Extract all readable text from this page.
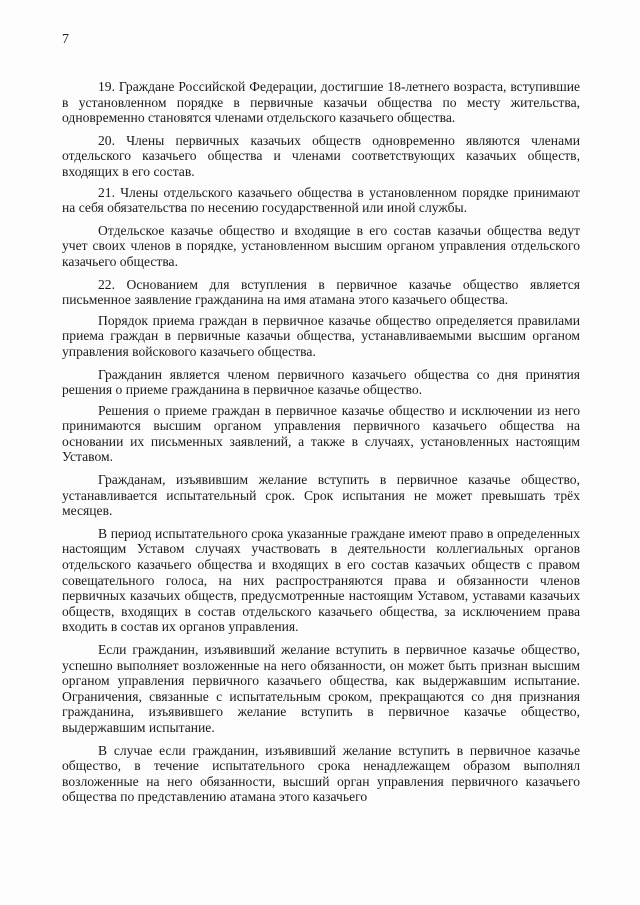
7

19. Граждане Российской Федерации, достигшие 18-летнего возраста, вступившие в установленном порядке в первичные казачьи общества по месту жительства, одновременно становятся членами отдельского казачьего общества.

20. Члены первичных казачьих обществ одновременно являются членами отдельского казачьего общества и членами соответствующих казачьих обществ, входящих в его состав.

21. Члены отдельского казачьего общества в установленном порядке принимают на себя обязательства по несению государственной или иной службы.

Отдельское казачье общество и входящие в его состав казачьи общества ведут учет своих членов в порядке, установленном высшим органом управления отдельского казачьего общества.

22. Основанием для вступления в первичное казачье общество является письменное заявление гражданина на имя атамана этого казачьего общества.

Порядок приема граждан в первичное казачье общество определяется правилами приема граждан в первичные казачьи общества, устанавливаемыми высшим органом управления войскового казачьего общества.

Гражданин является членом первичного казачьего общества со дня принятия решения о приеме гражданина в первичное казачье общество.

Решения о приеме граждан в первичное казачье общество и исключении из него принимаются высшим органом управления первичного казачьего общества на основании их письменных заявлений, а также в случаях, установленных настоящим Уставом.

Гражданам, изъявившим желание вступить в первичное казачье общество, устанавливается испытательный срок. Срок испытания не может превышать трёх месяцев.

В период испытательного срока указанные граждане имеют право в определенных настоящим Уставом случаях участвовать в деятельности коллегиальных органов отдельского казачьего общества и входящих в его состав казачьих обществ с правом совещательного голоса, на них распространяются права и обязанности членов первичных казачьих обществ, предусмотренные настоящим Уставом, уставами казачьих обществ, входящих в состав отдельского казачьего общества, за исключением права входить в состав их органов управления.

Если гражданин, изъявивший желание вступить в первичное казачье общество, успешно выполняет возложенные на него обязанности, он может быть признан высшим органом управления первичного казачьего общества, как выдержавшим испытание. Ограничения, связанные с испытательным сроком, прекращаются со дня признания гражданина, изъявившего желание вступить в первичное казачье общество, выдержавшим испытание.

В случае если гражданин, изъявивший желание вступить в первичное казачье общество, в течение испытательного срока ненадлежащем образом выполнял возложенные на него обязанности, высший орган управления первичного казачьего общества по представлению атамана этого казачьего
